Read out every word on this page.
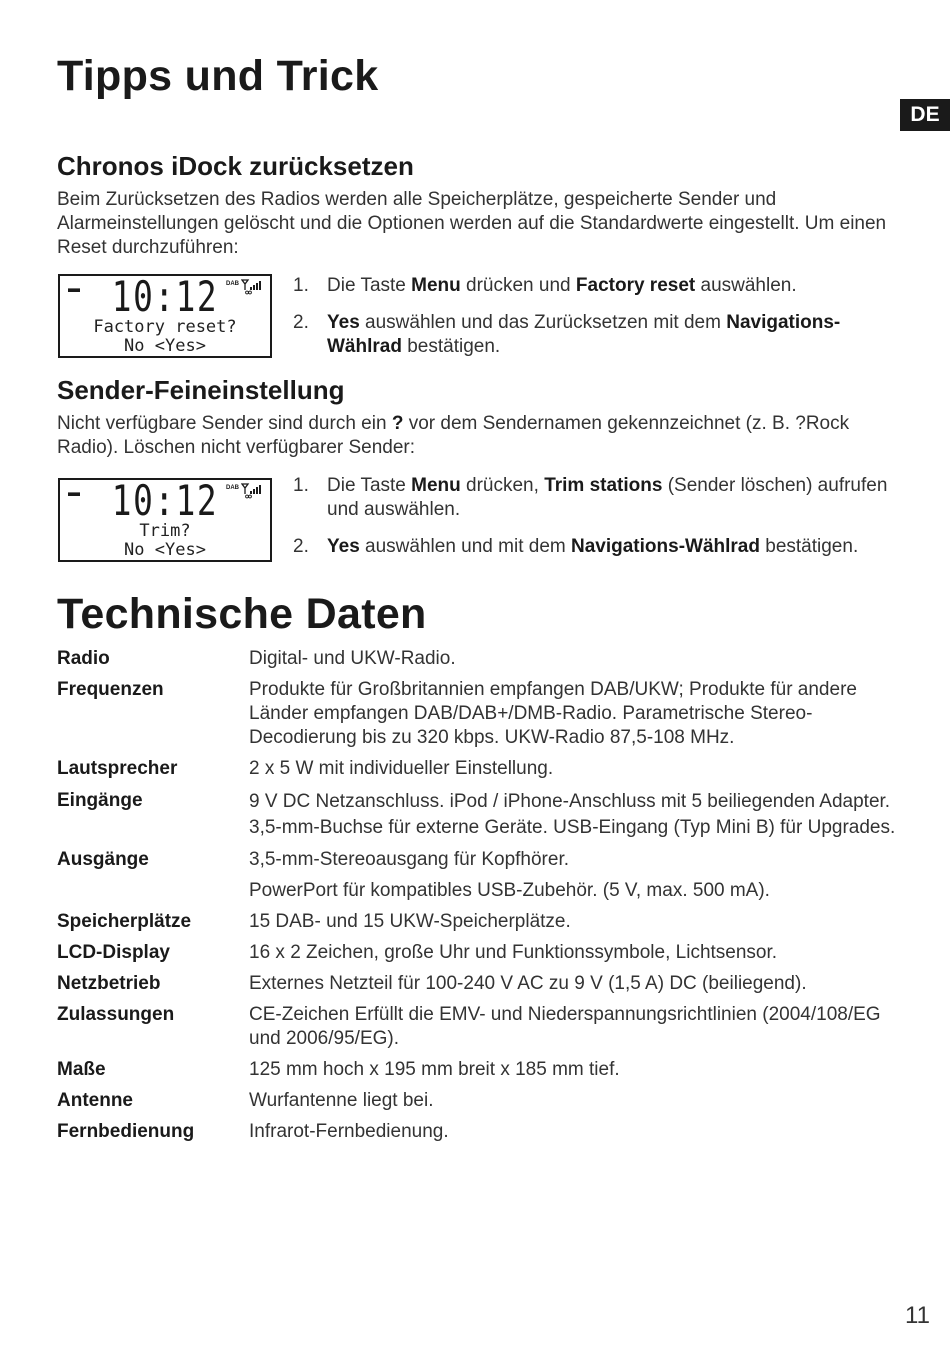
Tipps und Trick
DE
Chronos iDock zurücksetzen

Beim Zurücksetzen des Radios werden alle Speicherplätze, gespeicherte Sender und Alarmeinstellungen gelöscht und die Optionen werden auf die Standardwerte eingestellt. Um einen Reset durchzuführen:

▬ 10:12	DAB
Factory reset?
No <Yes>
1. Die Taste Menu drücken und Factory reset auswählen.
2. Yes auswählen und das Zurücksetzen mit dem Navigations-Wählrad bestätigen.
Sender-Feineinstellung

Nicht verfügbare Sender sind durch ein ? vor dem Sendernamen gekennzeichnet (z. B. ?Rock Radio). Löschen nicht verfügbarer Sender:

▬ 10:12	DAB
Trim?
No <Yes>
1. Die Taste Menu drücken, Trim stations (Sender löschen) aufrufen und auswählen.
2. Yes auswählen und mit dem Navigations-Wählrad bestätigen.
Technische Daten
Radio	Digital- und UKW-Radio.

Frequenzen	Produkte für Großbritannien empfangen DAB/UKW; Produkte für andere Länder empfangen DAB/DAB+/DMB-Radio. Parametrische Stereo-Decodierung bis zu 320 kbps. UKW-Radio 87,5-108 MHz.

Lautsprecher	2 x 5 W mit individueller Einstellung.

Eingänge	9 V DC Netzanschluss. iPod / iPhone-Anschluss mit 5 beiliegenden Adapter. 3,5-mm-Buchse für externe Geräte. USB-Eingang (Typ Mini B) für Upgrades.

Ausgänge	3,5-mm-Stereoausgang für Kopfhörer.

PowerPort für kompatibles USB-Zubehör. (5 V, max. 500 mA).

Speicherplätze	15 DAB- und 15 UKW-Speicherplätze.

LCD-Display	16 x 2 Zeichen, große Uhr und Funktionssymbole, Lichtsensor.

Netzbetrieb	Externes Netzteil für 100-240 V AC zu 9 V (1,5 A) DC (beiliegend).

Zulassungen	CE-Zeichen Erfüllt die EMV- und Niederspannungsrichtlinien (2004/108/EG und 2006/95/EG).

Maße	125 mm hoch x 195 mm breit x 185 mm tief.

Antenne	Wurfantenne liegt bei.

Fernbedienung	Infrarot-Fernbedienung.

11
